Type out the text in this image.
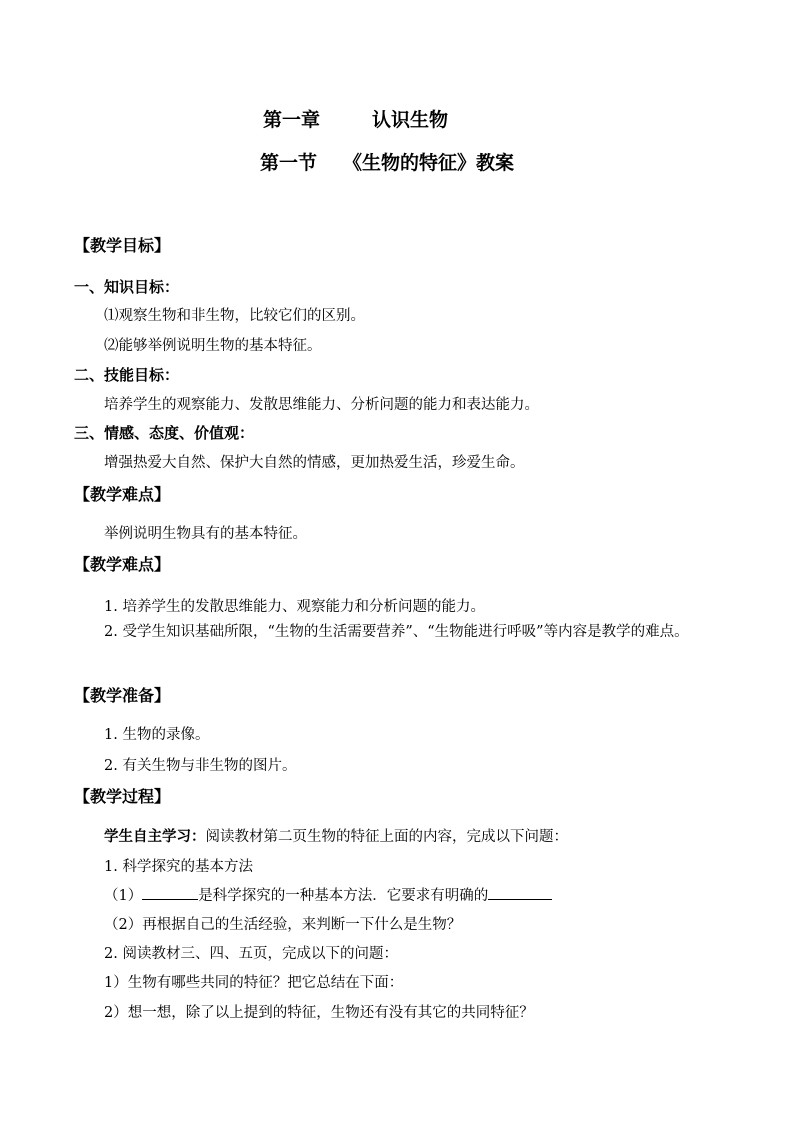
第一章	认识生物
第一节 《生物的特征》教案
【教学目标】
一、知识目标：
⑴观察生物和非生物，比较它们的区别。
⑵能够举例说明生物的基本特征。
二、技能目标：
培养学生的观察能力、发散思维能力、分析问题的能力和表达能力。
三、情感、态度、价值观：
增强热爱大自然、保护大自然的情感，更加热爱生活，珍爱生命。
【教学难点】
举例说明生物具有的基本特征。
【教学难点】
1. 培养学生的发散思维能力、观察能力和分析问题的能力。
2. 受学生知识基础所限，“生物的生活需要营养”、“生物能进行呼吸”等内容是教学的难点。
【教学准备】
1. 生物的录像。
2. 有关生物与非生物的图片。
【教学过程】
学生自主学习：阅读教材第二页生物的特征上面的内容，完成以下问题：
1. 科学探究的基本方法
（1）	是科学探究的一种基本方法．它要求有明确的
（2）再根据自己的生活经验，来判断一下什么是生物？
2. 阅读教材三、四、五页，完成以下的问题：
1）生物有哪些共同的特征？把它总结在下面：
2）想一想，除了以上提到的特征，生物还有没有其它的共同特征？
